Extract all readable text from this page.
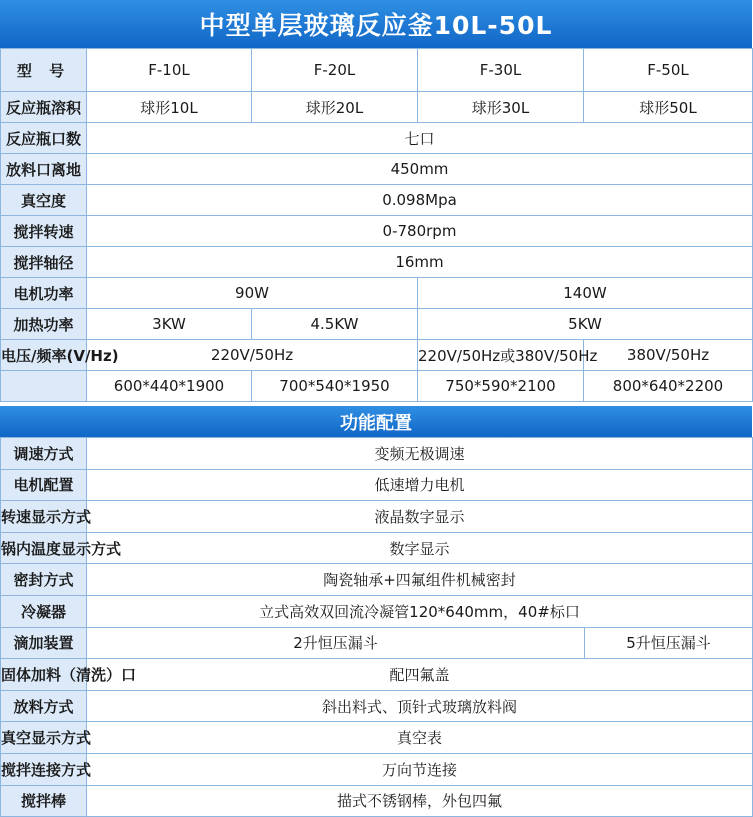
中型单层玻璃反应釜10L-50L
型 号	F-10L	F-20L	F-30L	F-50L
反应瓶溶积	球形10L	球形20L	球形30L	球形50L
反应瓶口数	七口			
放料口离地	450mm			
真空度	0.098Mpa			
搅拌转速	0-780rpm			
搅拌轴径	16mm			
电机功率	90W		140W	
加热功率	3KW	4.5KW	5KW	
电压/频率(V/Hz)	220V/50Hz		220V/50Hz或380V/50Hz	380V/50Hz
	600*440*1900	700*540*1950	750*590*2100	800*640*2200
功能配置
调速方式	变频无极调速	
电机配置	低速增力电机	
转速显示方式	液晶数字显示	
锅内温度显示方式	数字显示	
密封方式	陶瓷轴承+四氟组件机械密封	
冷凝器	立式高效双回流冷凝管120*640mm，40#标口	
滴加装置	2升恒压漏斗	5升恒压漏斗
固体加料（清洗）口	配四氟盖	
放料方式	斜出料式、顶针式玻璃放料阀	
真空显示方式	真空表	
搅拌连接方式	万向节连接	
搅拌棒	描式不锈钢棒，外包四氟	
